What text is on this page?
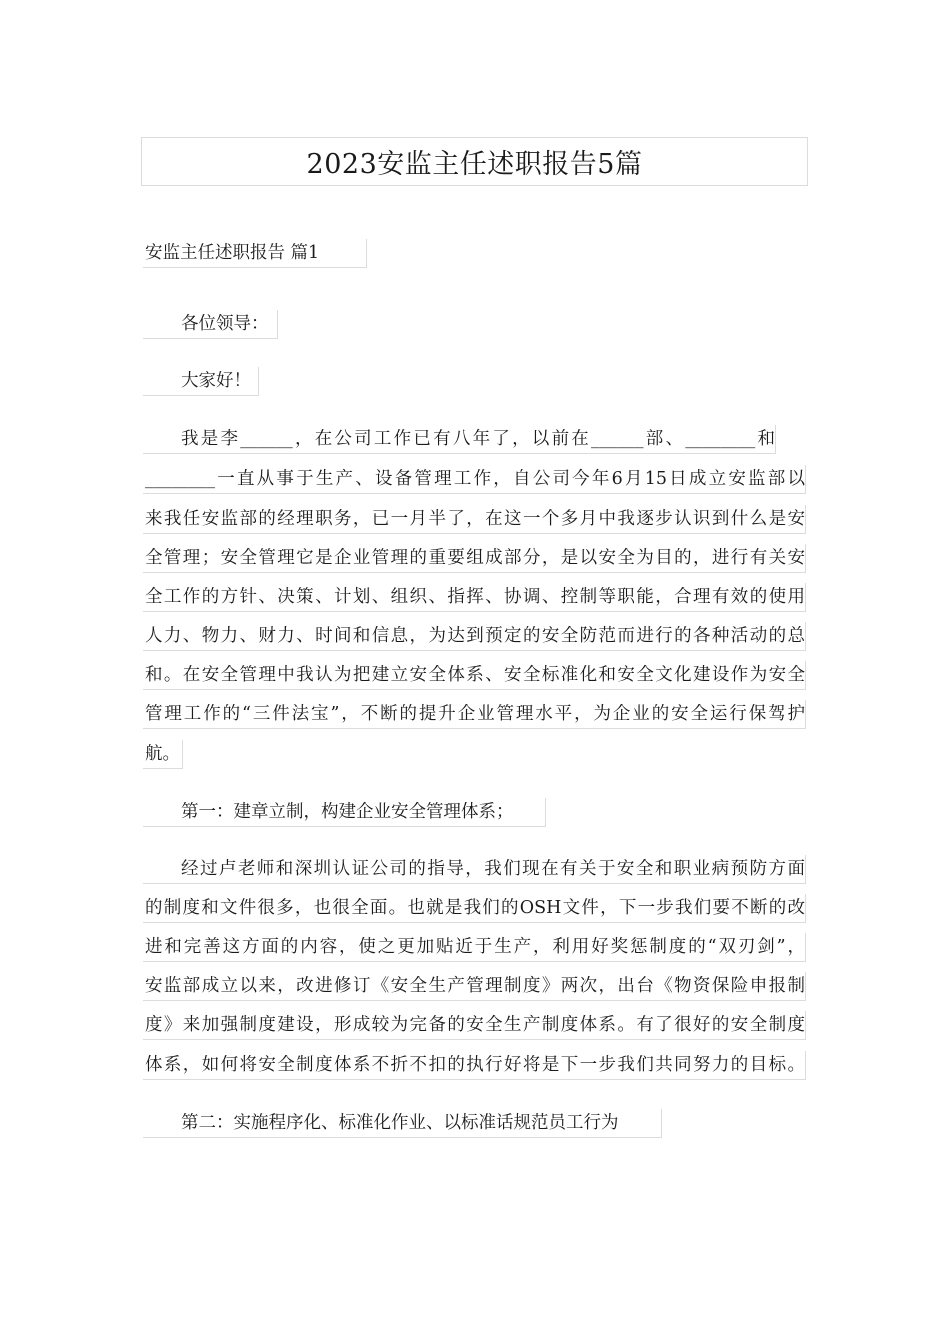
2023安监主任述职报告5篇
安监主任述职报告 篇1
各位领导：
大家好！
我是李______，在公司工作已有八年了，以前在______部、________和
________一直从事于生产、设备管理工作，自公司今年6月15日成立安监部以
来我任安监部的经理职务，已一月半了，在这一个多月中我逐步认识到什么是安
全管理；安全管理它是企业管理的重要组成部分，是以安全为目的，进行有关安
全工作的方针、决策、计划、组织、指挥、协调、控制等职能，合理有效的使用
人力、物力、财力、时间和信息，为达到预定的安全防范而进行的各种活动的总
和。在安全管理中我认为把建立安全体系、安全标准化和安全文化建设作为安全
管理工作的“三件法宝”，不断的提升企业管理水平，为企业的安全运行保驾护
航。
第一：建章立制，构建企业安全管理体系；
经过卢老师和深圳认证公司的指导，我们现在有关于安全和职业病预防方面
的制度和文件很多，也很全面。也就是我们的OSH文件，下一步我们要不断的改
进和完善这方面的内容，使之更加贴近于生产，利用好奖惩制度的“双刃剑”，
安监部成立以来，改进修订《安全生产管理制度》两次，出台《物资保险申报制
度》来加强制度建设，形成较为完备的安全生产制度体系。有了很好的安全制度
体系，如何将安全制度体系不折不扣的执行好将是下一步我们共同努力的目标。
第二：实施程序化、标准化作业、以标准话规范员工行为
